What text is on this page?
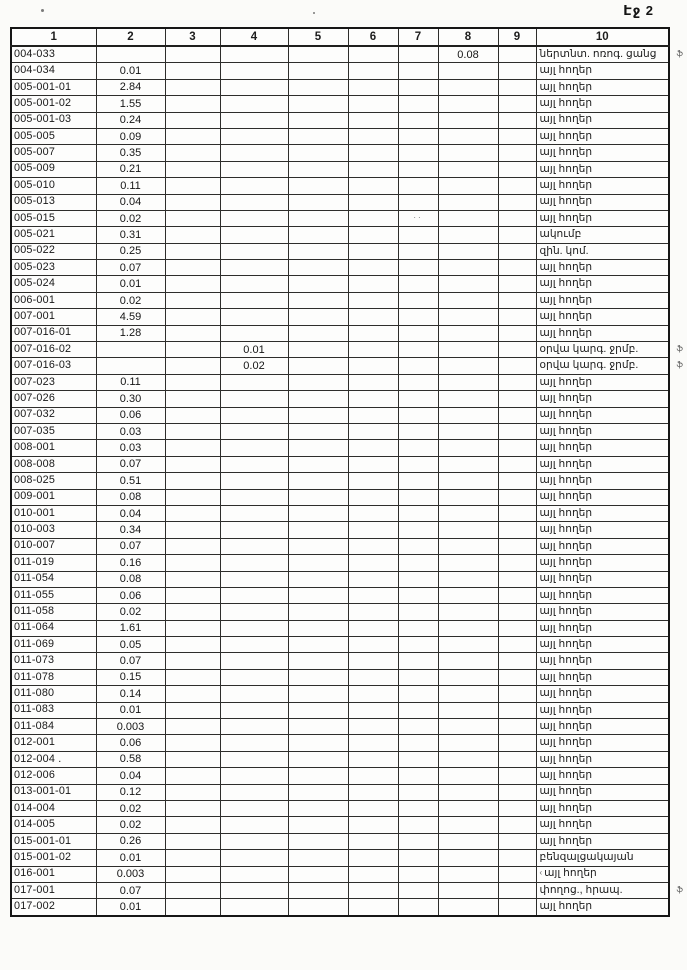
Էջ 2
1	2	3	4	5	6	7	8	9	10
004-033							0.08		ներտնտ. ոռոգ. ցանց ֆ

004-034	0.01								այլ հողեր
005-001-01	2.84								այլ հողեր
005-001-02	1.55								այլ հողեր
005-001-03	0.24								այլ հողեր
005-005	0.09								այլ հողեր
005-007	0.35								այլ հողեր
005-009	0.21								այլ հողեր
005-010	0.11								այլ հողեր
005-013	0.04								այլ հողեր
005-015	0.02					··			այլ հողեր
005-021	0.31								ակումբ
005-022	0.25								զին. կոմ.
005-023	0.07								այլ հողեր
005-024	0.01								այլ հողեր
006-001	0.02								այլ հողեր
007-001	4.59								այլ հողեր
007-016-01	1.28								այլ հողեր
007-016-02			0.01						օրվա կարգ. ջրմբ. ֆ

007-016-03			0.02						օրվա կարգ. ջրմբ. ֆ

007-023	0.11								այլ հողեր
007-026	0.30								այլ հողեր
007-032	0.06								այլ հողեր
007-035	0.03								այլ հողեր
008-001	0.03								այլ հողեր
008-008	0.07								այլ հողեր
008-025	0.51								այլ հողեր
009-001	0.08								այլ հողեր
010-001	0.04								այլ հողեր
010-003	0.34								այլ հողեր
010-007	0.07								այլ հողեր
011-019	0.16								այլ հողեր
011-054	0.08								այլ հողեր
011-055	0.06								այլ հողեր
011-058	0.02								այլ հողեր
011-064	1.61								այլ հողեր
011-069	0.05								այլ հողեր
011-073	0.07								այլ հողեր
011-078	0.15								այլ հողեր
011-080	0.14								այլ հողեր
011-083	0.01								այլ հողեր
011-084	0.003								այլ հողեր
012-001	0.06								այլ հողեր
012-004 .	0.58								այլ հողեր
012-006	0.04								այլ հողեր
013-001-01	0.12								այլ հողեր
014-004	0.02								այլ հողեր
014-005	0.02								այլ հողեր
015-001-01	0.26								այլ հողեր
015-001-02	0.01								բենզալցակայան
016-001	0.003								‹ այլ հողեր
017-001	0.07								փողոց., հրապ. ֆ

017-002	0.01								այլ հողեր
